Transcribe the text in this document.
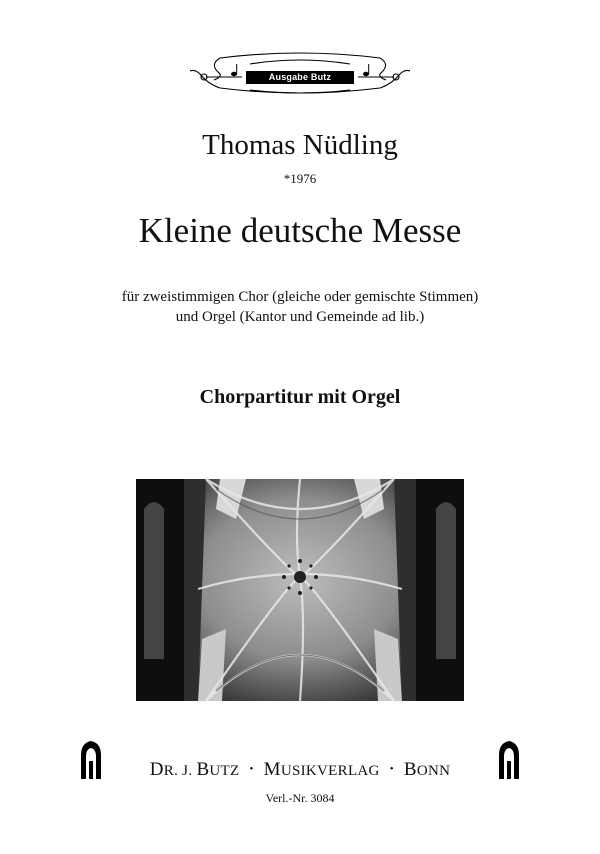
Ausgabe Butz
Thomas Nüdling
*1976
Kleine deutsche Messe
für zweistimmigen Chor (gleiche oder gemischte Stimmen)
und Orgel (Kantor und Gemeinde ad lib.)
Chorpartitur mit Orgel
DR. J. BUTZ • MUSIKVERLAG • BONN
Verl.-Nr. 3084
